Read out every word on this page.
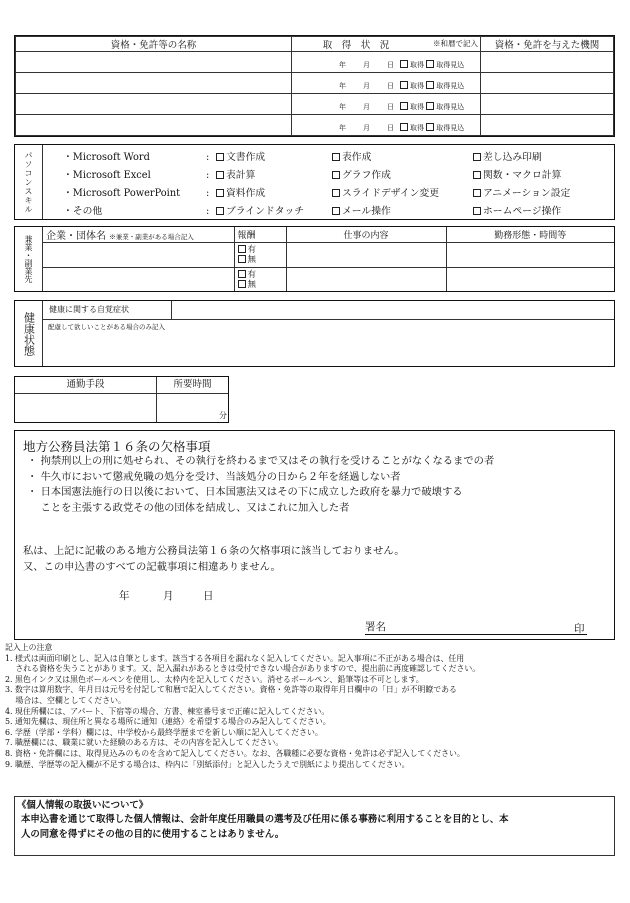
資格・免許等の名称	取　得　状　況 ※和暦で記入	資格・免許を与えた機関
	年 月 日 取得 取得見込	
	年 月 日 取得 取得見込	
	年 月 日 取得 取得見込	
	年 月 日 取得 取得見込	
パソコンスキル	・Microsoft Word	:	文書作成	表作成	差し込み印刷
・Microsoft Excel	:	表計算	グラフ作成	関数・マクロ計算
・Microsoft PowerPoint	:	資料作成	スライドデザイン変更	アニメーション設定
・その他	:	ブラインドタッチ	メール操作	ホームページ操作
兼業・副業先 企業・団体名 ※兼業・副業がある場合記入	報酬	仕事の内容	勤務形態・時間等

	有
無		

	有
無		

健康状態
健康に関する自覚症状
配慮して欲しいことがある場合のみ記入
通勤手段	所要時間
分
地方公務員法第１６条の欠格事項
・ 拘禁刑以上の刑に処せられ、その執行を終わるまで又はその執行を受けることがなくなるまでの者
・ 牛久市において懲戒免職の処分を受け、当該処分の日から２年を経過しない者
・ 日本国憲法施行の日以後において、日本国憲法又はその下に成立した政府を暴力で破壊する
　 ことを主張する政党その他の団体を結成し、又はこれに加入した者
私は、上記に記載のある地方公務員法第１６条の欠格事項に該当しておりません。
又、この申込書のすべての記載事項に相違ありません。
年	月	日
署名	印
記入上の注意
1. 様式は両面印刷とし、記入は自筆とします。該当する各項目を漏れなく記入してください。記入事項に不正がある場合は、任用
　 される資格を失うことがあります。又、記入漏れがあるときは受付できない場合がありますので、提出前に再度確認してください。
2. 黒色インク又は黒色ボールペンを使用し、太枠内を記入してください。消せるボールペン、鉛筆等は不可とします。
3. 数字は算用数字、年月日は元号を付記して和暦で記入してください。資格・免許等の取得年月日欄中の「日」が不明瞭である
　 場合は、空欄としてください。
4. 現住所欄には、アパート、下宿等の場合、方書、棟室番号まで正確に記入してください。
5. 通知先欄は、現住所と異なる場所に通知（連絡）を希望する場合のみ記入してください。
6. 学歴（学部・学科）欄には、中学校から最終学歴までを新しい順に記入してください。
7. 職歴欄には、職業に就いた経験のある方は、その内容を記入してください。
8. 資格・免許欄には、取得見込みのものを含めて記入してください。なお、各職種に必要な資格・免許は必ず記入してください。
9. 職歴、学歴等の記入欄が不足する場合は、枠内に「別紙添付」と記入したうえで別紙により提出してください。
《個人情報の取扱いについて》
本申込書を通じて取得した個人情報は、会計年度任用職員の選考及び任用に係る事務に利用することを目的とし、本
人の同意を得ずにその他の目的に使用することはありません。
